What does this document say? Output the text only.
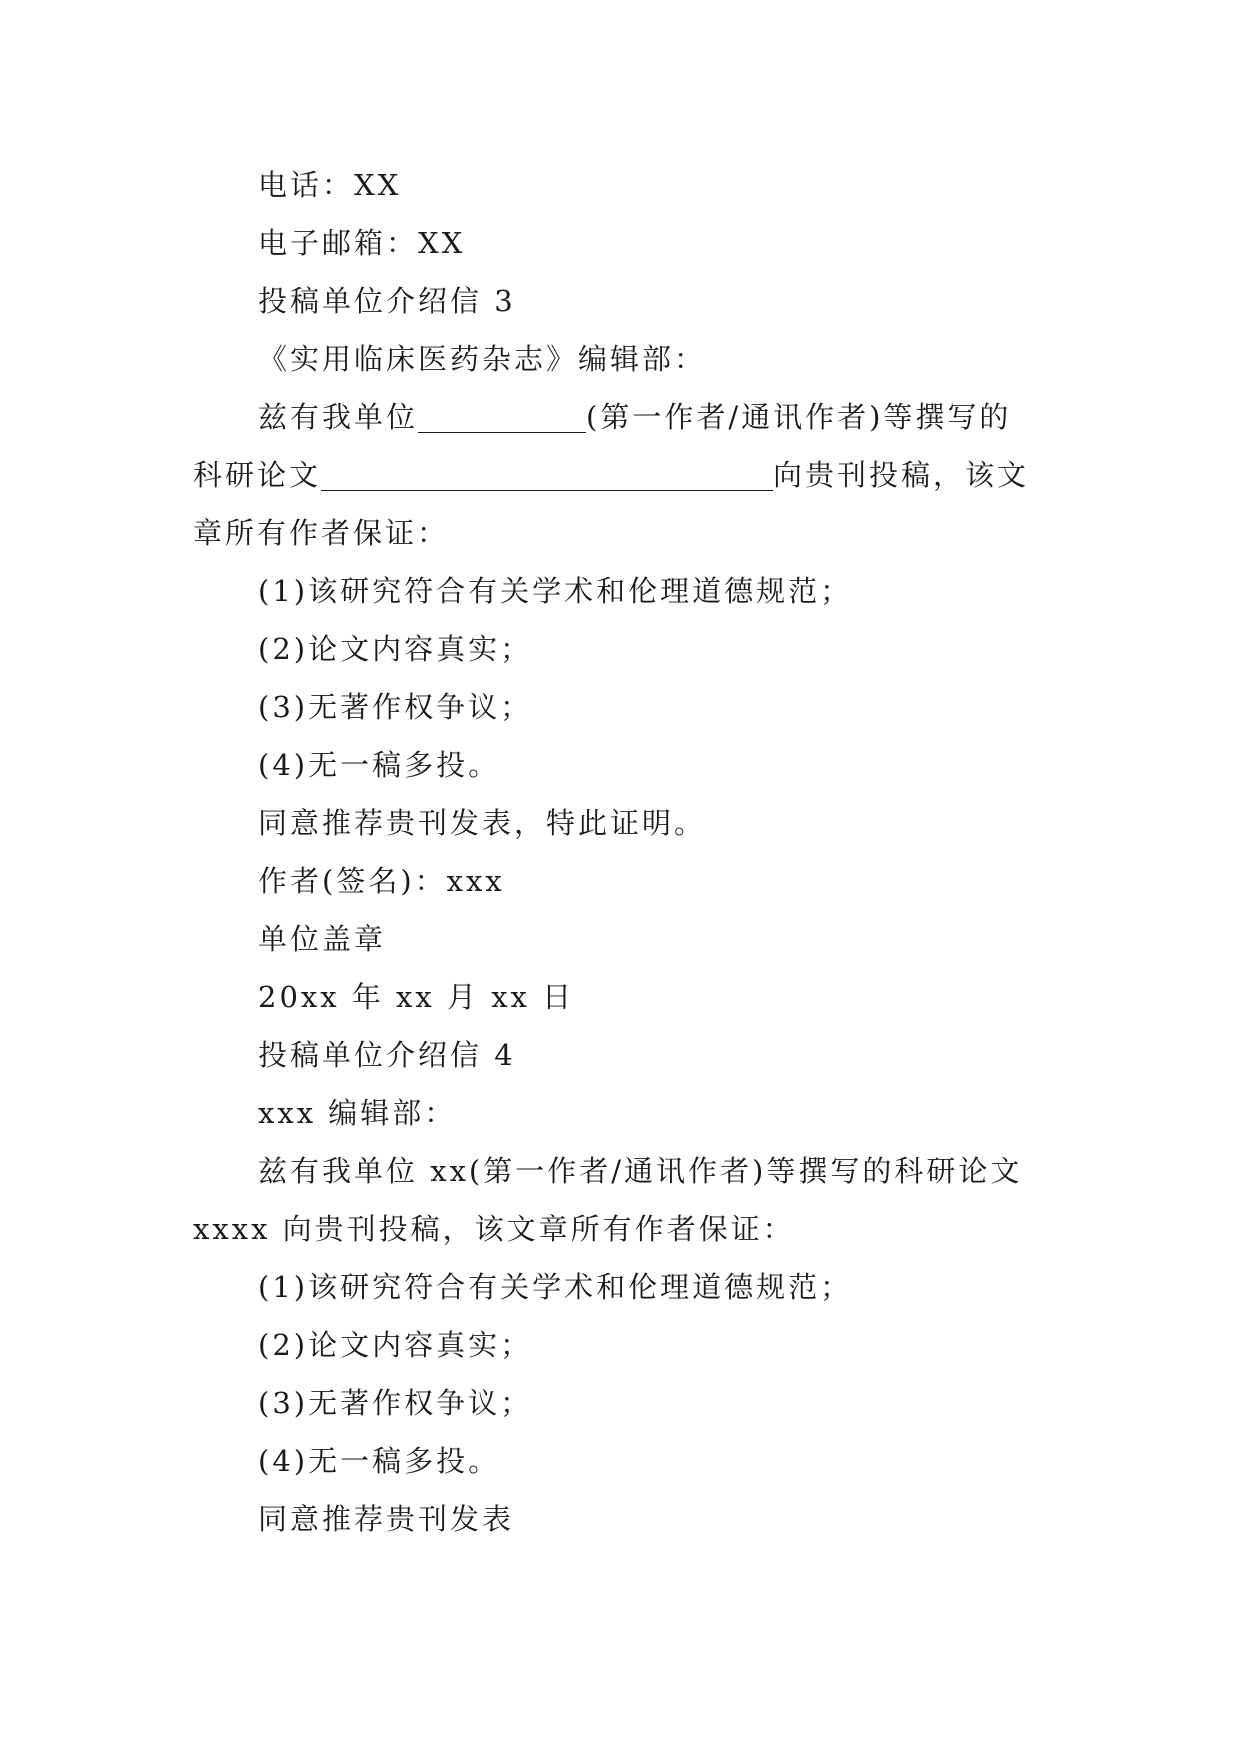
电话：XX
电子邮箱：XX
投稿单位介绍信 3
《实用临床医药杂志》编辑部：
兹有我单位	(第一作者/通讯作者)等撰写的
科研论文	向贵刊投稿，该文
章所有作者保证：
(1)该研究符合有关学术和伦理道德规范；
(2)论文内容真实；
(3)无著作权争议；
(4)无一稿多投。
同意推荐贵刊发表，特此证明。
作者(签名)：xxx
单位盖章
20xx 年 xx 月 xx 日
投稿单位介绍信 4
xxx 编辑部：
兹有我单位 xx(第一作者/通讯作者)等撰写的科研论文
xxxx 向贵刊投稿，该文章所有作者保证：
(1)该研究符合有关学术和伦理道德规范；
(2)论文内容真实；
(3)无著作权争议；
(4)无一稿多投。
同意推荐贵刊发表
